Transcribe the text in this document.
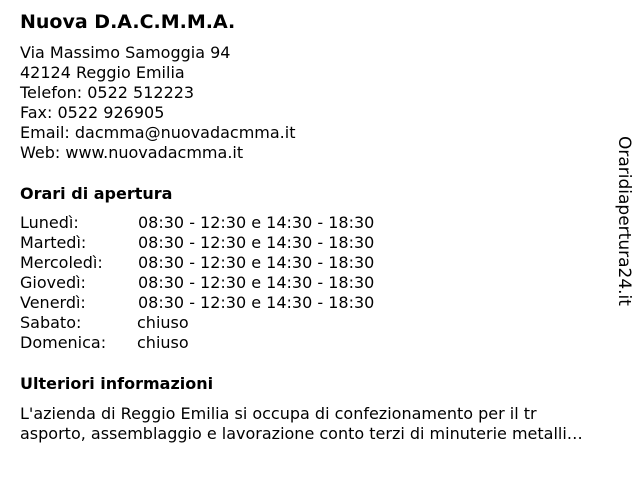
Nuova D.A.C.M.M.A.
Via Massimo Samoggia 94
42124 Reggio Emilia
Telefon: 0522 512223
Fax: 0522 926905
Email: dacmma@nuovadacmma.it
Web: www.nuovadacmma.it
Orari di apertura
Lunedì:	08:30 - 12:30 e 14:30 - 18:30
Martedì:	08:30 - 12:30 e 14:30 - 18:30
Mercoledì: 08:30 - 12:30 e 14:30 - 18:30
Giovedì:	08:30 - 12:30 e 14:30 - 18:30
Venerdì:	08:30 - 12:30 e 14:30 - 18:30
Sabato:	chiuso
Domenica: chiuso
Ulteriori informazioni
L'azienda di Reggio Emilia si occupa di confezionamento per il tr
asporto, assemblaggio e lavorazione conto terzi di minuterie metalli…
Oraridiapertura24.it
